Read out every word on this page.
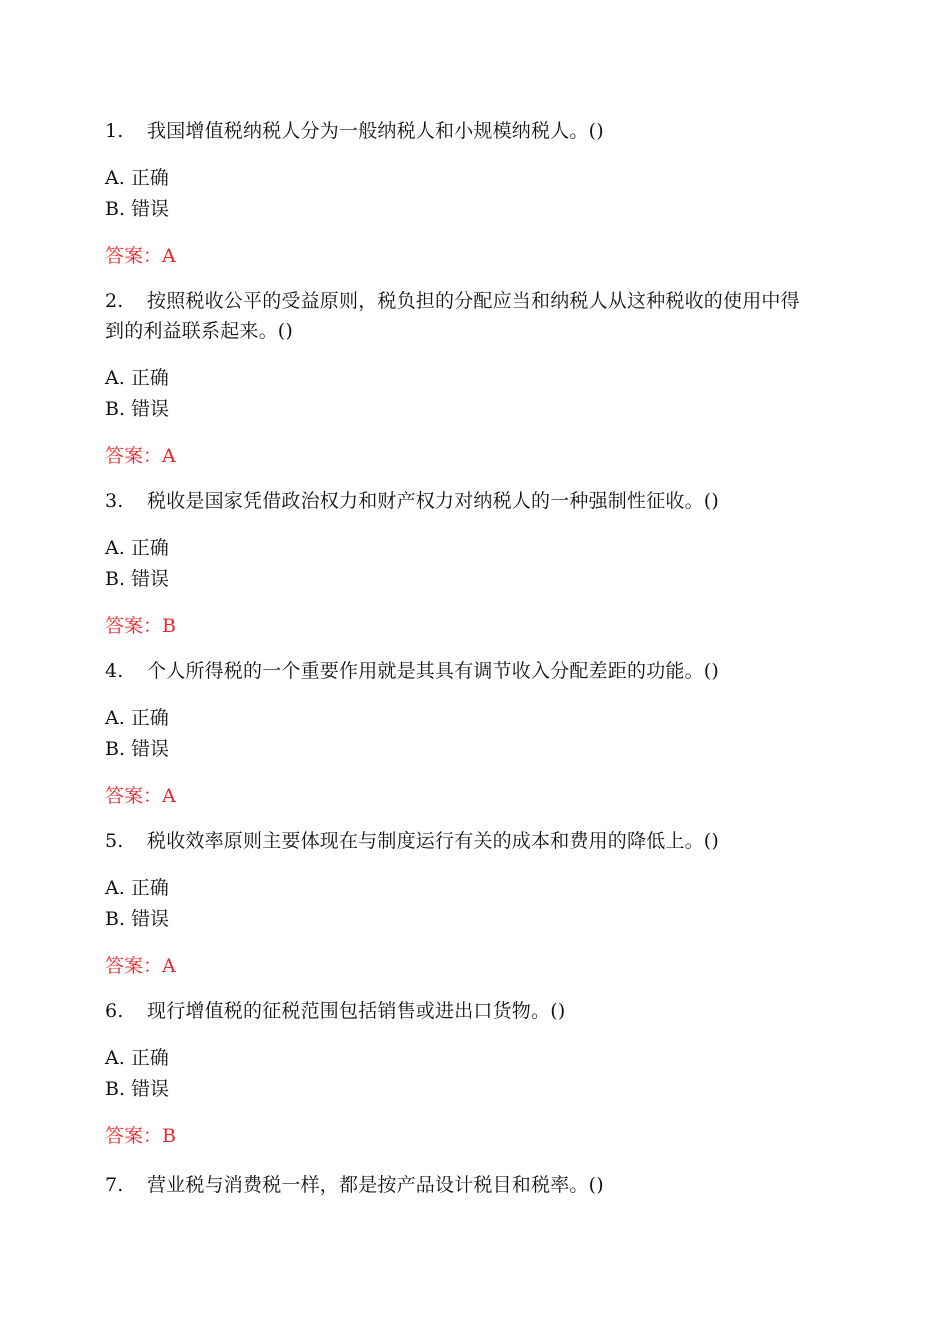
1. 我国增值税纳税人分为一般纳税人和小规模纳税人。()

A. 正确
B. 错误
答案：A

2. 按照税收公平的受益原则，税负担的分配应当和纳税人从这种税收的使用中得

到的利益联系起来。()

A. 正确
B. 错误
答案：A

3. 税收是国家凭借政治权力和财产权力对纳税人的一种强制性征收。()

A. 正确
B. 错误
答案：B

4. 个人所得税的一个重要作用就是其具有调节收入分配差距的功能。()

A. 正确
B. 错误
答案：A

5. 税收效率原则主要体现在与制度运行有关的成本和费用的降低上。()

A. 正确
B. 错误
答案：A

6. 现行增值税的征税范围包括销售或进出口货物。()

A. 正确
B. 错误
答案：B

7. 营业税与消费税一样，都是按产品设计税目和税率。()
